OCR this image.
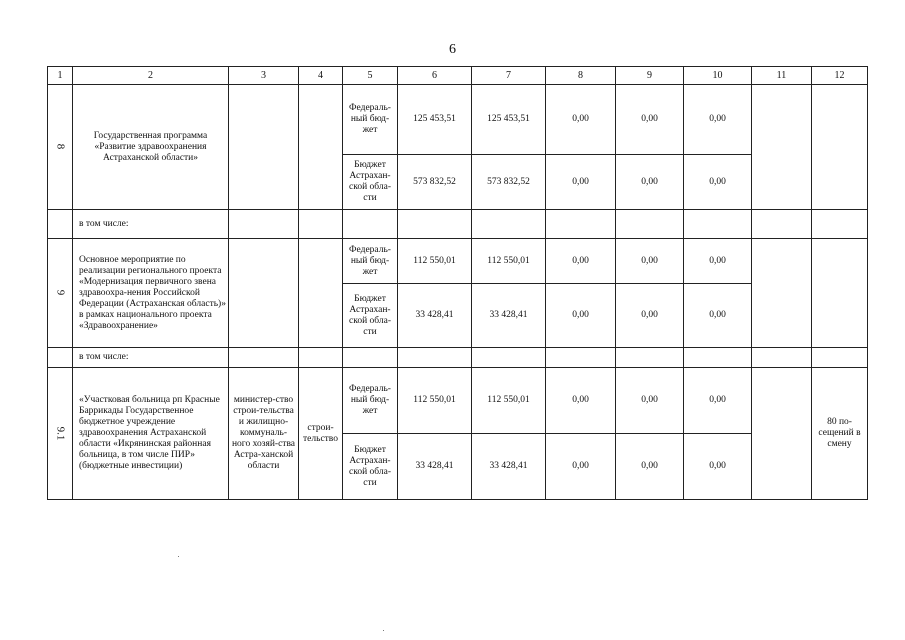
6
1	2	3	4	5	6	7	8	9	10	11	12

8	Государственная программа «Развитие здравоохранения Астраханской области»			Федераль-ный бюд-жет	125 453,51	125 453,51	0,00	0,00	0,00		
				Бюджет Астрахан-ской обла-сти	573 832,52	573 832,52	0,00	0,00	0,00		
	в том числе:										

9	Основное мероприятие по реализации регионального проекта «Модернизация первичного звена здравоохра-нения Российской Федерации (Астраханская область)» в рамках национального проекта «Здравоохранение»			Федераль-ный бюд-жет	112 550,01	112 550,01	0,00	0,00	0,00		
				Бюджет Астрахан-ской обла-сти	33 428,41	33 428,41	0,00	0,00	0,00		
	в том числе:										

9.1	«Участковая больница рп Красные Баррикады Государственное бюджетное учреждение здравоохранения Астраханской области «Икрянинская районная больница, в том числе ПИР» (бюджетные инвестиции)	министер-ство строи-тельства и жилищно-коммуналь-ного хозяй-ства Астра-ханской области	строи-тельство	Федераль-ный бюд-жет	112 550,01	112 550,01	0,00	0,00	0,00		80 по-сещений в смену
				Бюджет Астрахан-ской обла-сти	33 428,41	33 428,41	0,00	0,00	0,00		
